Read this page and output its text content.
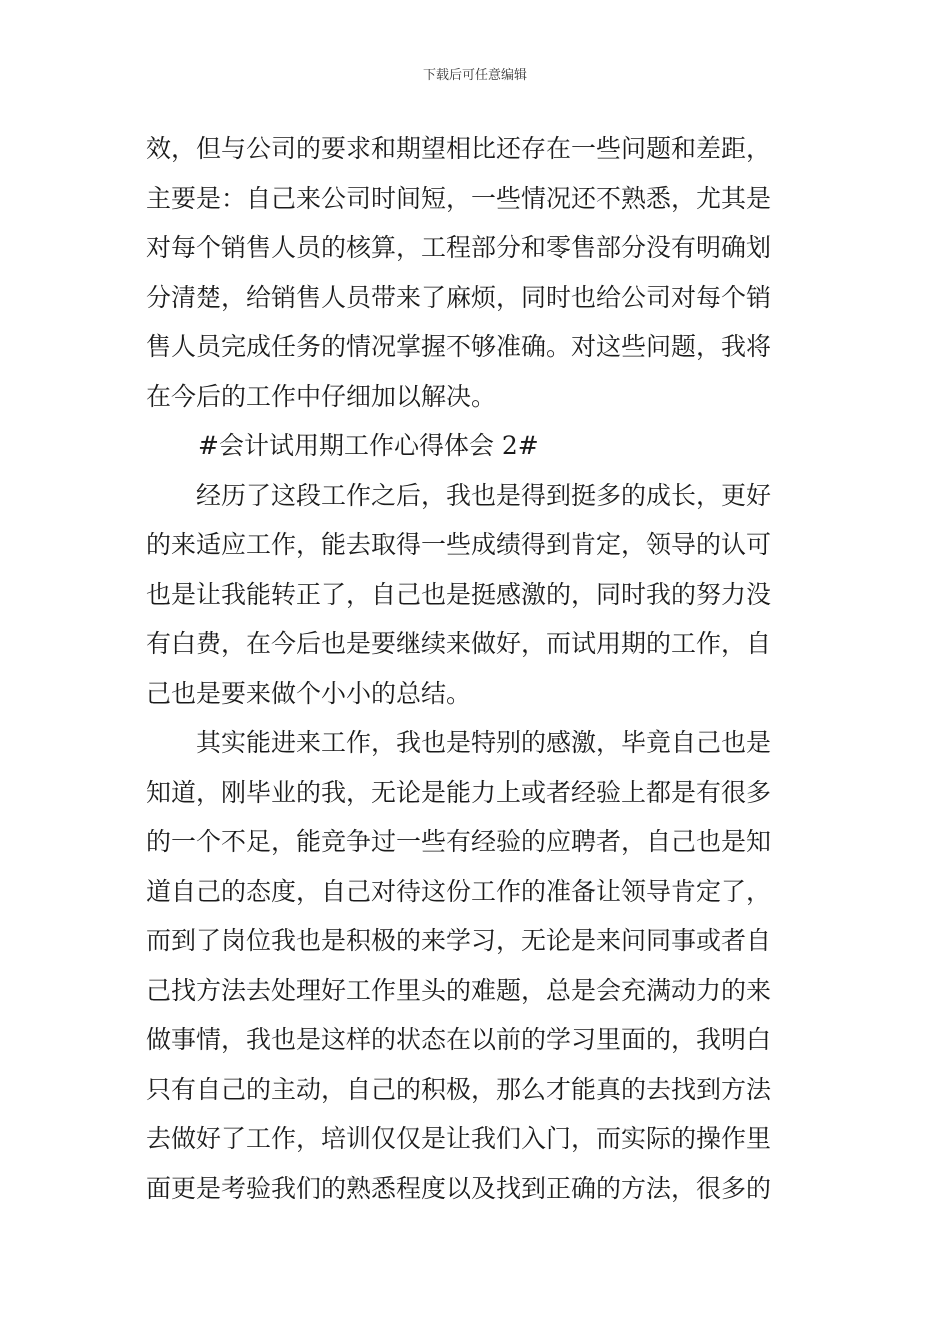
下载后可任意编辑
效，但与公司的要求和期望相比还存在一些问题和差距，
主要是：自己来公司时间短，一些情况还不熟悉，尤其是
对每个销售人员的核算，工程部分和零售部分没有明确划
分清楚，给销售人员带来了麻烦，同时也给公司对每个销
售人员完成任务的情况掌握不够准确。对这些问题，我将
在今后的工作中仔细加以解决。
#会计试用期工作心得体会 2#
经历了这段工作之后，我也是得到挺多的成长，更好
的来适应工作，能去取得一些成绩得到肯定，领导的认可
也是让我能转正了，自己也是挺感激的，同时我的努力没
有白费，在今后也是要继续来做好，而试用期的工作，自
己也是要来做个小小的总结。
其实能进来工作，我也是特别的感激，毕竟自己也是
知道，刚毕业的我，无论是能力上或者经验上都是有很多
的一个不足，能竞争过一些有经验的应聘者，自己也是知
道自己的态度，自己对待这份工作的准备让领导肯定了，
而到了岗位我也是积极的来学习，无论是来问同事或者自
己找方法去处理好工作里头的难题，总是会充满动力的来
做事情，我也是这样的状态在以前的学习里面的，我明白
只有自己的主动，自己的积极，那么才能真的去找到方法
去做好了工作，培训仅仅是让我们入门，而实际的操作里
面更是考验我们的熟悉程度以及找到正确的方法，很多的
